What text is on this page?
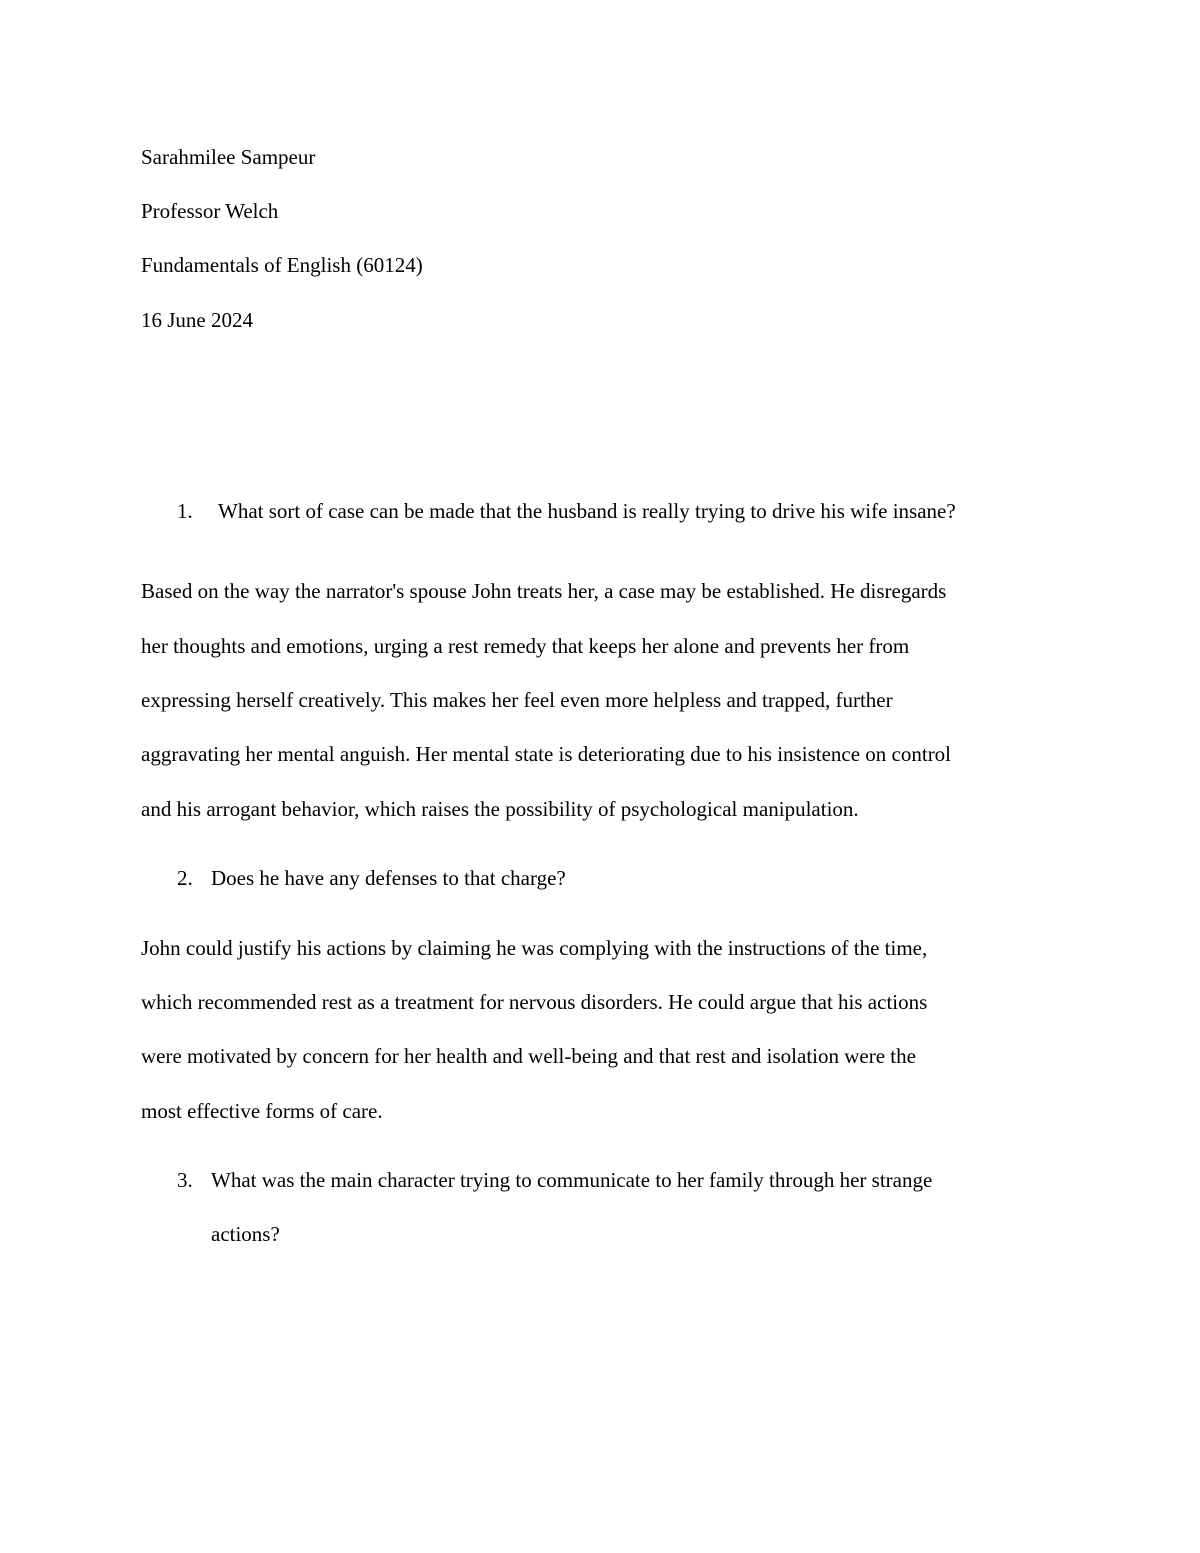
Sarahmilee Sampeur
Professor Welch
Fundamentals of English (60124)
16 June 2024
1. What sort of case can be made that the husband is really trying to drive his wife insane?
Based on the way the narrator's spouse John treats her, a case may be established. He disregards
her thoughts and emotions, urging a rest remedy that keeps her alone and prevents her from
expressing herself creatively. This makes her feel even more helpless and trapped, further
aggravating her mental anguish. Her mental state is deteriorating due to his insistence on control
and his arrogant behavior, which raises the possibility of psychological manipulation.
2. Does he have any defenses to that charge?
John could justify his actions by claiming he was complying with the instructions of the time,
which recommended rest as a treatment for nervous disorders. He could argue that his actions
were motivated by concern for her health and well-being and that rest and isolation were the
most effective forms of care.
3. What was the main character trying to communicate to her family through her strange
actions?
